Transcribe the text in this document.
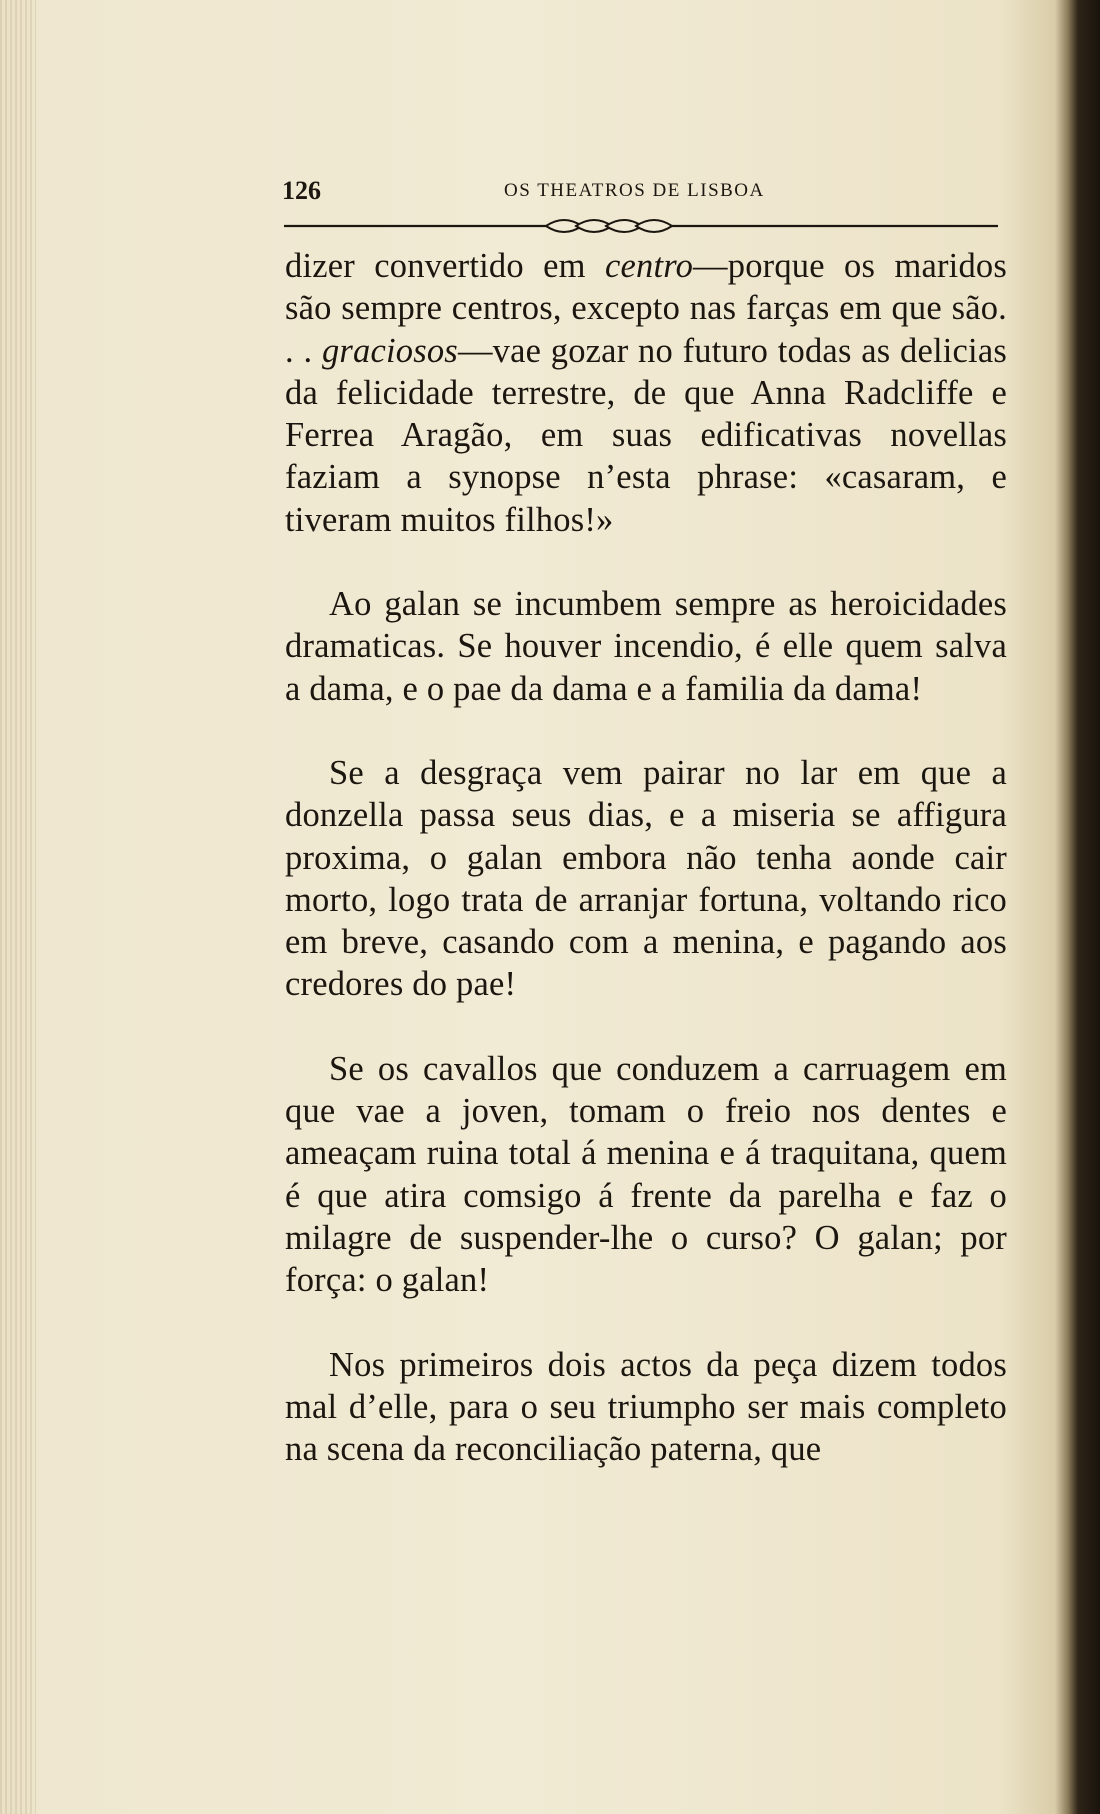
126	OS THEATROS DE LISBOA

dizer convertido em centro—porque os maridos são sempre centros, excepto nas farças em que são. . . graciosos—vae gozar no futuro todas as delicias da felicidade terrestre, de que Anna Radcliffe e Ferrea Aragão, em suas edificativas novellas faziam a synopse n’esta phrase: «casaram, e tiveram muitos filhos!»

Ao galan se incumbem sempre as heroicidades dramaticas. Se houver incendio, é elle quem salva a dama, e o pae da dama e a familia da dama!

Se a desgraça vem pairar no lar em que a donzella passa seus dias, e a miseria se affigura proxima, o galan embora não tenha aonde cair morto, logo trata de arranjar fortuna, voltando rico em breve, casando com a menina, e pagando aos credores do pae!

Se os cavallos que conduzem a carruagem em que vae a joven, tomam o freio nos dentes e ameaçam ruina total á menina e á traquitana, quem é que atira comsigo á frente da parelha e faz o milagre de suspender-lhe o curso? O galan; por força: o galan!

Nos primeiros dois actos da peça dizem todos mal d’elle, para o seu triumpho ser mais completo na scena da reconciliação paterna, que
